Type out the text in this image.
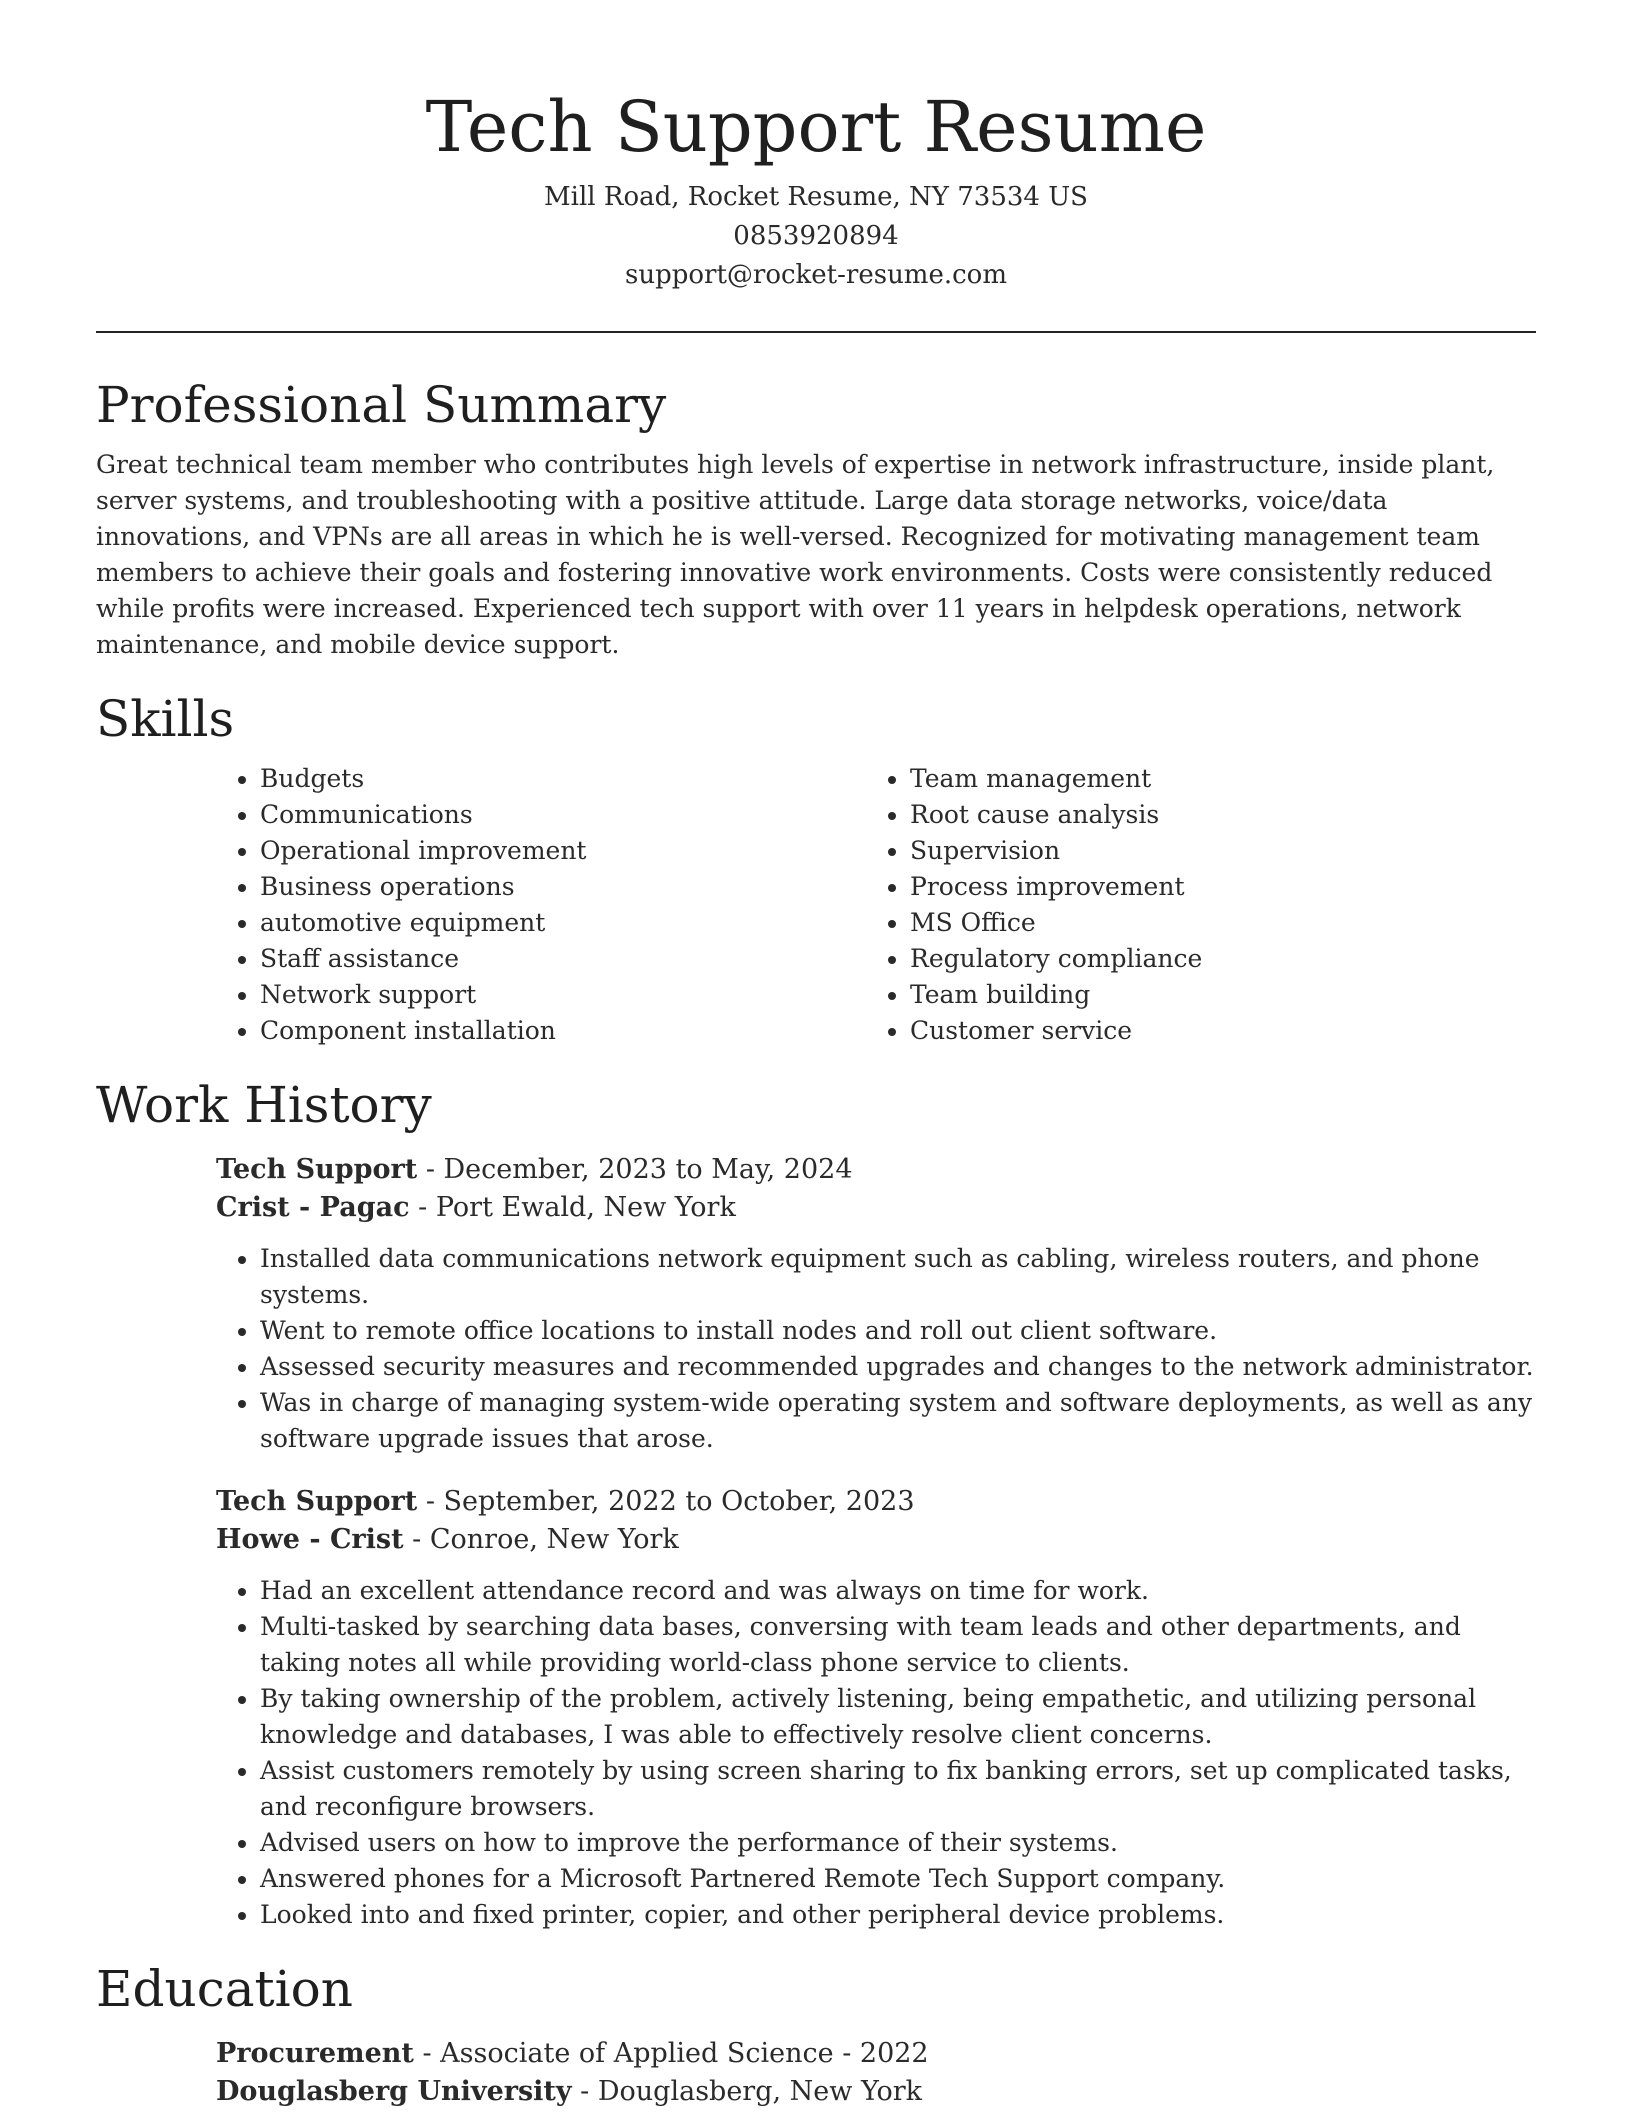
Tech Support Resume
Mill Road, Rocket Resume, NY 73534 US
0853920894
support@rocket-resume.com
Professional Summary

Great technical team member who contributes high levels of expertise in network infrastructure, inside plant, server systems, and troubleshooting with a positive attitude. Large data storage networks, voice/data innovations, and VPNs are all areas in which he is well-versed. Recognized for motivating management team members to achieve their goals and fostering innovative work environments. Costs were consistently reduced while profits were increased. Experienced tech support with over 11 years in helpdesk operations, network maintenance, and mobile device support.

Skills
• Budgets
• Communications
• Operational improvement
• Business operations
• automotive equipment
• Staff assistance
• Network support
• Component installation
• Team management
• Root cause analysis
• Supervision
• Process improvement
• MS Office
• Regulatory compliance
• Team building
• Customer service
Work History
Tech Support - December, 2023 to May, 2024
Crist - Pagac - Port Ewald, New York
• Installed data communications network equipment such as cabling, wireless routers, and phone systems.
• Went to remote office locations to install nodes and roll out client software.
• Assessed security measures and recommended upgrades and changes to the network administrator.
• Was in charge of managing system-wide operating system and software deployments, as well as any software upgrade issues that arose.
Tech Support - September, 2022 to October, 2023
Howe - Crist - Conroe, New York
• Had an excellent attendance record and was always on time for work.
• Multi-tasked by searching data bases, conversing with team leads and other departments, and taking notes all while providing world-class phone service to clients.
• By taking ownership of the problem, actively listening, being empathetic, and utilizing personal knowledge and databases, I was able to effectively resolve client concerns.
• Assist customers remotely by using screen sharing to fix banking errors, set up complicated tasks, and reconfigure browsers.
• Advised users on how to improve the performance of their systems.
• Answered phones for a Microsoft Partnered Remote Tech Support company.
• Looked into and fixed printer, copier, and other peripheral device problems.
Education
Procurement - Associate of Applied Science - 2022
Douglasberg University - Douglasberg, New York
